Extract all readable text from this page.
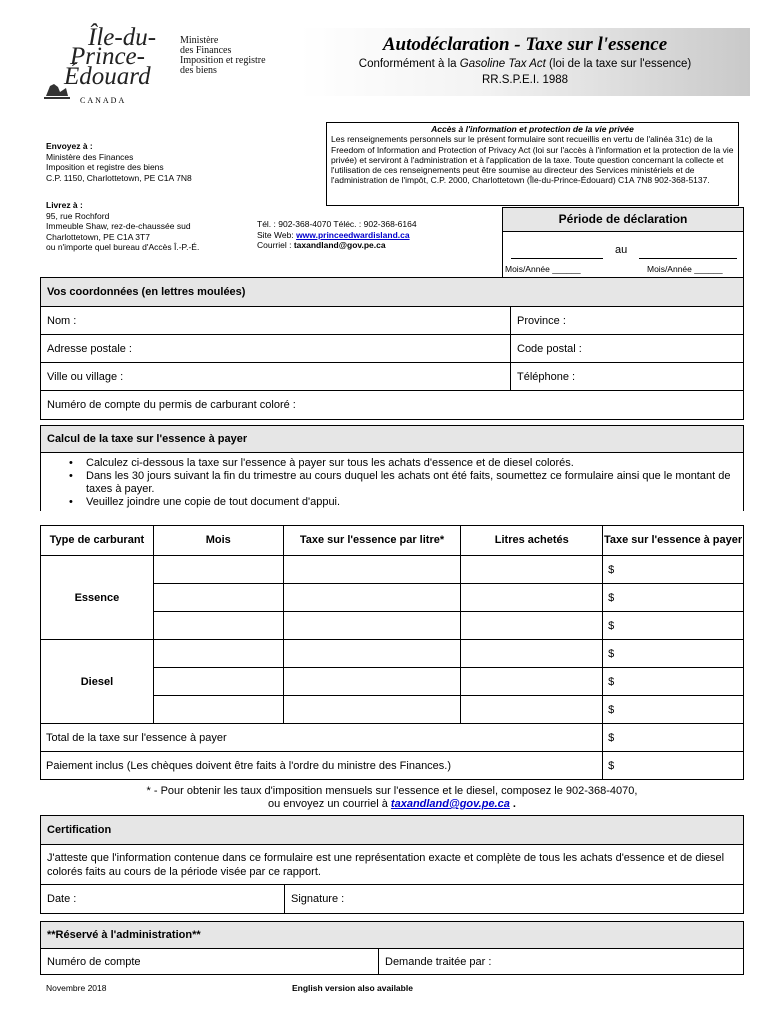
Île-du-
Prince-
Édouard
CANADA
Ministère
des Finances
Imposition et registre
des biens
Autodéclaration - Taxe sur l'essence
Conformément à la Gasoline Tax Act (loi de la taxe sur l'essence)
RR.S.P.E.I. 1988
Envoyez à :
Ministère des Finances
Imposition et registre des biens
C.P. 1150, Charlottetown, PE C1A 7N8
Livrez à :
95, rue Rochford
Immeuble Shaw, rez-de-chaussée sud
Charlottetown, PE C1A 3T7
ou n'importe quel bureau d'Accès Î.-P.-É.
Tél. : 902-368-4070 Téléc. : 902-368-6164
Site Web: www.princeedwardisland.ca
Courriel : taxandland@gov.pe.ca
Accès à l'information et protection de la vie privée
Les renseignements personnels sur le présent formulaire sont recueillis en vertu de l'alinéa 31c) de la Freedom of Information and Protection of Privacy Act (loi sur l'accès à l'information et la protection de la vie privée) et serviront à l'administration et à l'application de la taxe. Toute question concernant la collecte et l'utilisation de ces renseignements peut être soumise au directeur des Services ministériels et de l'administration de l'impôt, C.P. 2000, Charlottetown (Île-du-Prince-Édouard) C1A 7N8 902-368-5137.
Période de déclaration
au
Mois/Année ______	Mois/Année ______
Vos coordonnées (en lettres moulées)
Nom :	Province :
Adresse postale :	Code postal :
Ville ou village :	Téléphone :
Numéro de compte du permis de carburant coloré :
Calcul de la taxe sur l'essence à payer
• Calculez ci-dessous la taxe sur l'essence à payer sur tous les achats d'essence et de diesel colorés.
• Dans les 30 jours suivant la fin du trimestre au cours duquel les achats ont été faits, soumettez ce formulaire ainsi que le montant de taxes à payer.
• Veuillez joindre une copie de tout document d'appui.
Type de carburant	Mois	Taxe sur l'essence par litre*	Litres achetés	Taxe sur l'essence à payer
Essence				$
				$
				$
Diesel				$
				$
				$
Total de la taxe sur l'essence à payer				$
Paiement inclus (Les chèques doivent être faits à l'ordre du ministre des Finances.)				$
* - Pour obtenir les taux d'imposition mensuels sur l'essence et le diesel, composez le 902-368-4070,
ou envoyez un courriel à taxandland@gov.pe.ca .
Certification
J'atteste que l'information contenue dans ce formulaire est une représentation exacte et complète de tous les achats d'essence et de diesel colorés faits au cours de la période visée par ce rapport.
Date :	Signature :
**Réservé à l'administration**
Numéro de compte	Demande traitée par :
Novembre 2018	English version also available
